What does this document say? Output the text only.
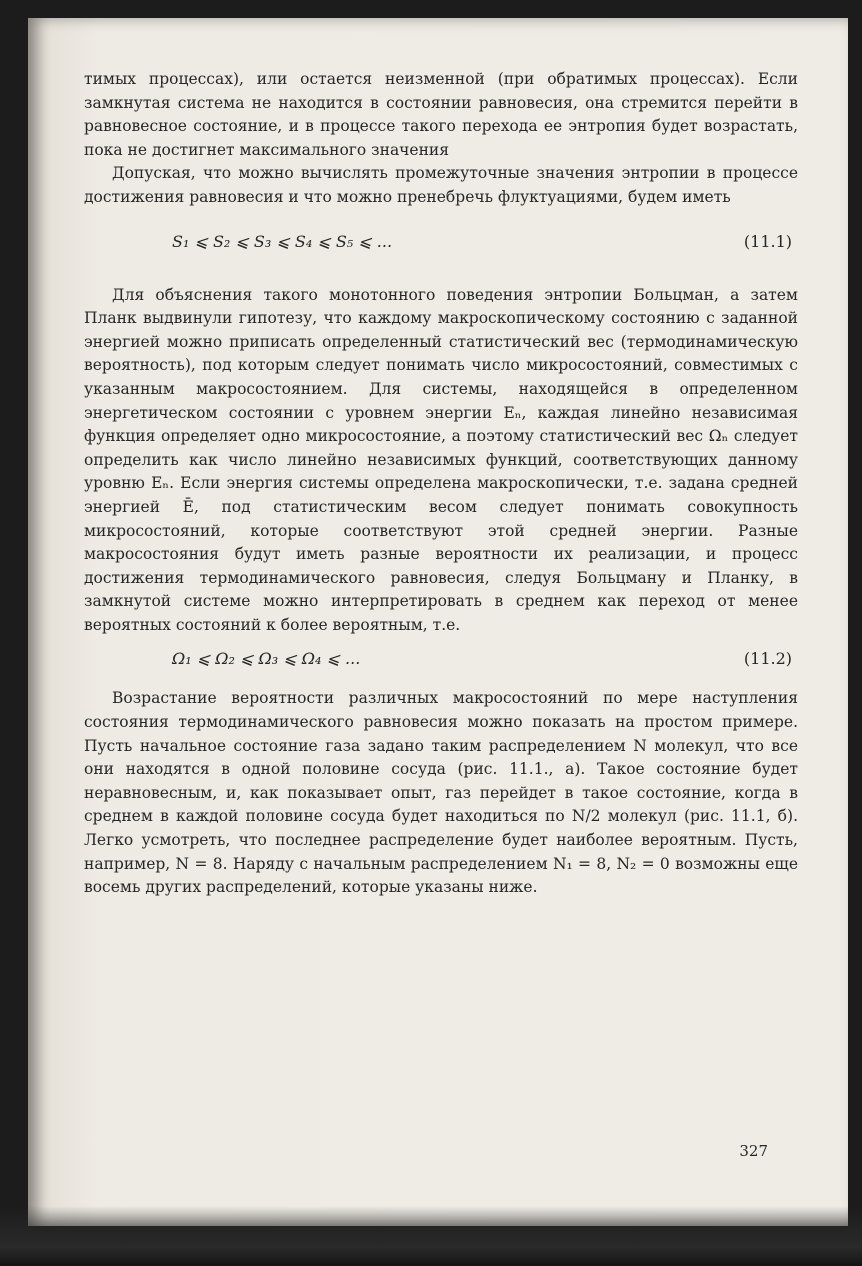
тимых процессах), или остается неизменной (при обратимых процессах). Если замкнутая система не находится в состоянии равновесия, она стремится перейти в равновесное состояние, и в процессе такого перехода ее энтропия будет возрастать, пока не достигнет максимального значения

Допуская, что можно вычислять промежуточные значения энтропии в процессе достижения равновесия и что можно пренебречь флуктуациями, будем иметь

S₁ ⩽ S₂ ⩽ S₃ ⩽ S₄ ⩽ S₅ ⩽ ...	(11.1)

Для объяснения такого монотонного поведения энтропии Больцман, а затем Планк выдвинули гипотезу, что каждому макроскопическому состоянию с заданной энергией можно приписать определенный статистический вес (термодинамическую вероятность), под которым следует понимать число микросостояний, совместимых с указанным макросостоянием. Для системы, находящейся в определенном энергетическом состоянии с уровнем энергии Eₙ, каждая линейно независимая функция определяет одно микросостояние, а поэтому статистический вес Ωₙ следует определить как число линейно независимых функций, соответствующих данному уровню Eₙ. Если энергия системы определена макроскопически, т.е. задана средней энергией Ē, под статистическим весом следует понимать совокупность микросостояний, которые соответствуют этой средней энергии. Разные макросостояния будут иметь разные вероятности их реализации, и процесс достижения термодинамического равновесия, следуя Больцману и Планку, в замкнутой системе можно интерпретировать в среднем как переход от менее вероятных состояний к более вероятным, т.е.

Ω₁ ⩽ Ω₂ ⩽ Ω₃ ⩽ Ω₄ ⩽ ...	(11.2)

Возрастание вероятности различных макросостояний по мере наступления состояния термодинамического равновесия можно показать на простом примере. Пусть начальное состояние газа задано таким распределением N молекул, что все они находятся в одной половине сосуда (рис. 11.1., а). Такое состояние будет неравновесным, и, как показывает опыт, газ перейдет в такое состояние, когда в среднем в каждой половине сосуда будет находиться по N/2 молекул (рис. 11.1, б). Легко усмотреть, что последнее распределение будет наиболее вероятным. Пусть, например, N = 8. Наряду с начальным распределением N₁ = 8, N₂ = 0 возможны еще восемь других распределений, которые указаны ниже.

327
